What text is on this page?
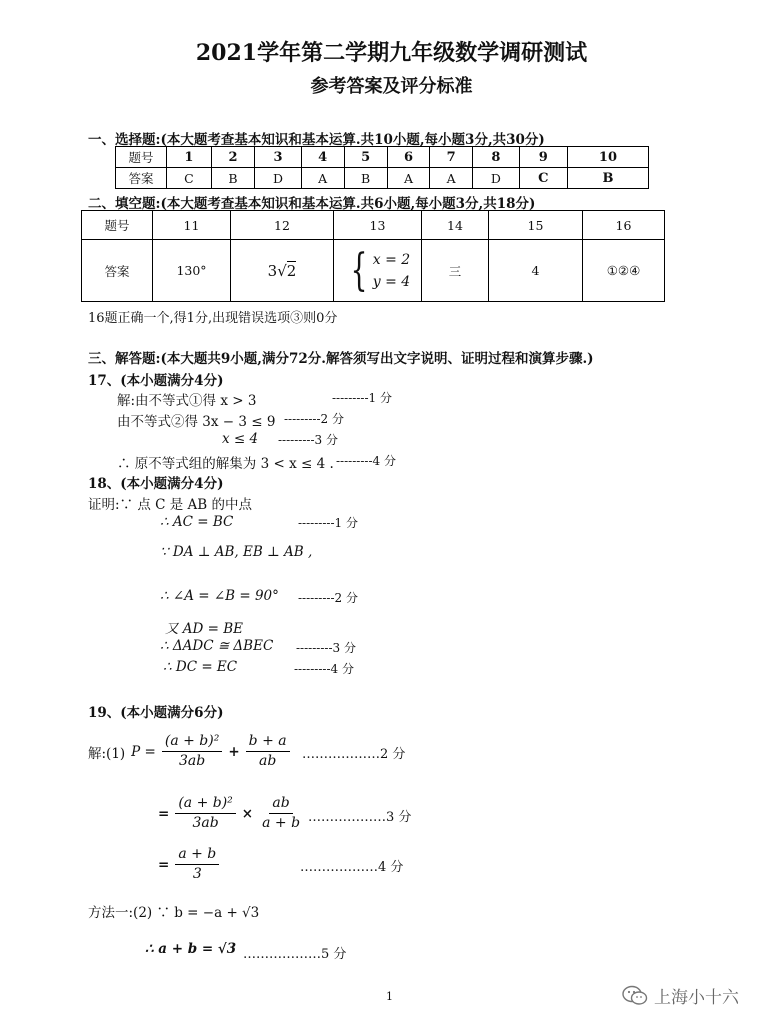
2021学年第二学期九年级数学调研测试
参考答案及评分标准
一、选择题:(本大题考查基本知识和基本运算.共10小题,每小题3分,共30分)
题号	1	2	3	4	5	6	7	8	9	10
答案	C	B	D	A	B	A	A	D	C	B
二、填空题:(本大题考查基本知识和基本运算.共6小题,每小题3分,共18分)
题号	11	12	13	14	15	16
答案	130°	3√2	{ x = 2
y = 4	三	4	①②④
16题正确一个,得1分,出现错误选项③则0分
三、解答题:(本大题共9小题,满分72分.解答须写出文字说明、证明过程和演算步骤.)
17、(本小题满分4分)
解:由不等式①得 x > 3	---------1 分
由不等式②得 3x − 3 ≤ 9 ---------2 分
x ≤ 4 ---------3 分
∴ 原不等式组的解集为 3 < x ≤ 4 . ---------4 分
18、(本小题满分4分)
证明:∵ 点 C 是 AB 的中点
∴ AC = BC	---------1 分
∵ DA ⊥ AB, EB ⊥ AB ,
∴ ∠A = ∠B = 90° ---------2 分
又 AD = BE
∴ ΔADC ≅ ΔBEC ---------3 分
∴ DC = EC	---------4 分
19、(本小题满分6分)
解:(1) $P = \frac{\text{(a + b)²}}{3ab} + \frac{b + a}{ab}$ ………………2 分
= $\frac{\text{(a + b)²}}{3ab} \times \frac{ab}{a + b}$ ………………3 分
= $\frac{a + b}{3}$	………………4 分
方法一:(2) ∵ b = −a + √3
∴ a + b = √3 ………………5 分
1	上海小十六
